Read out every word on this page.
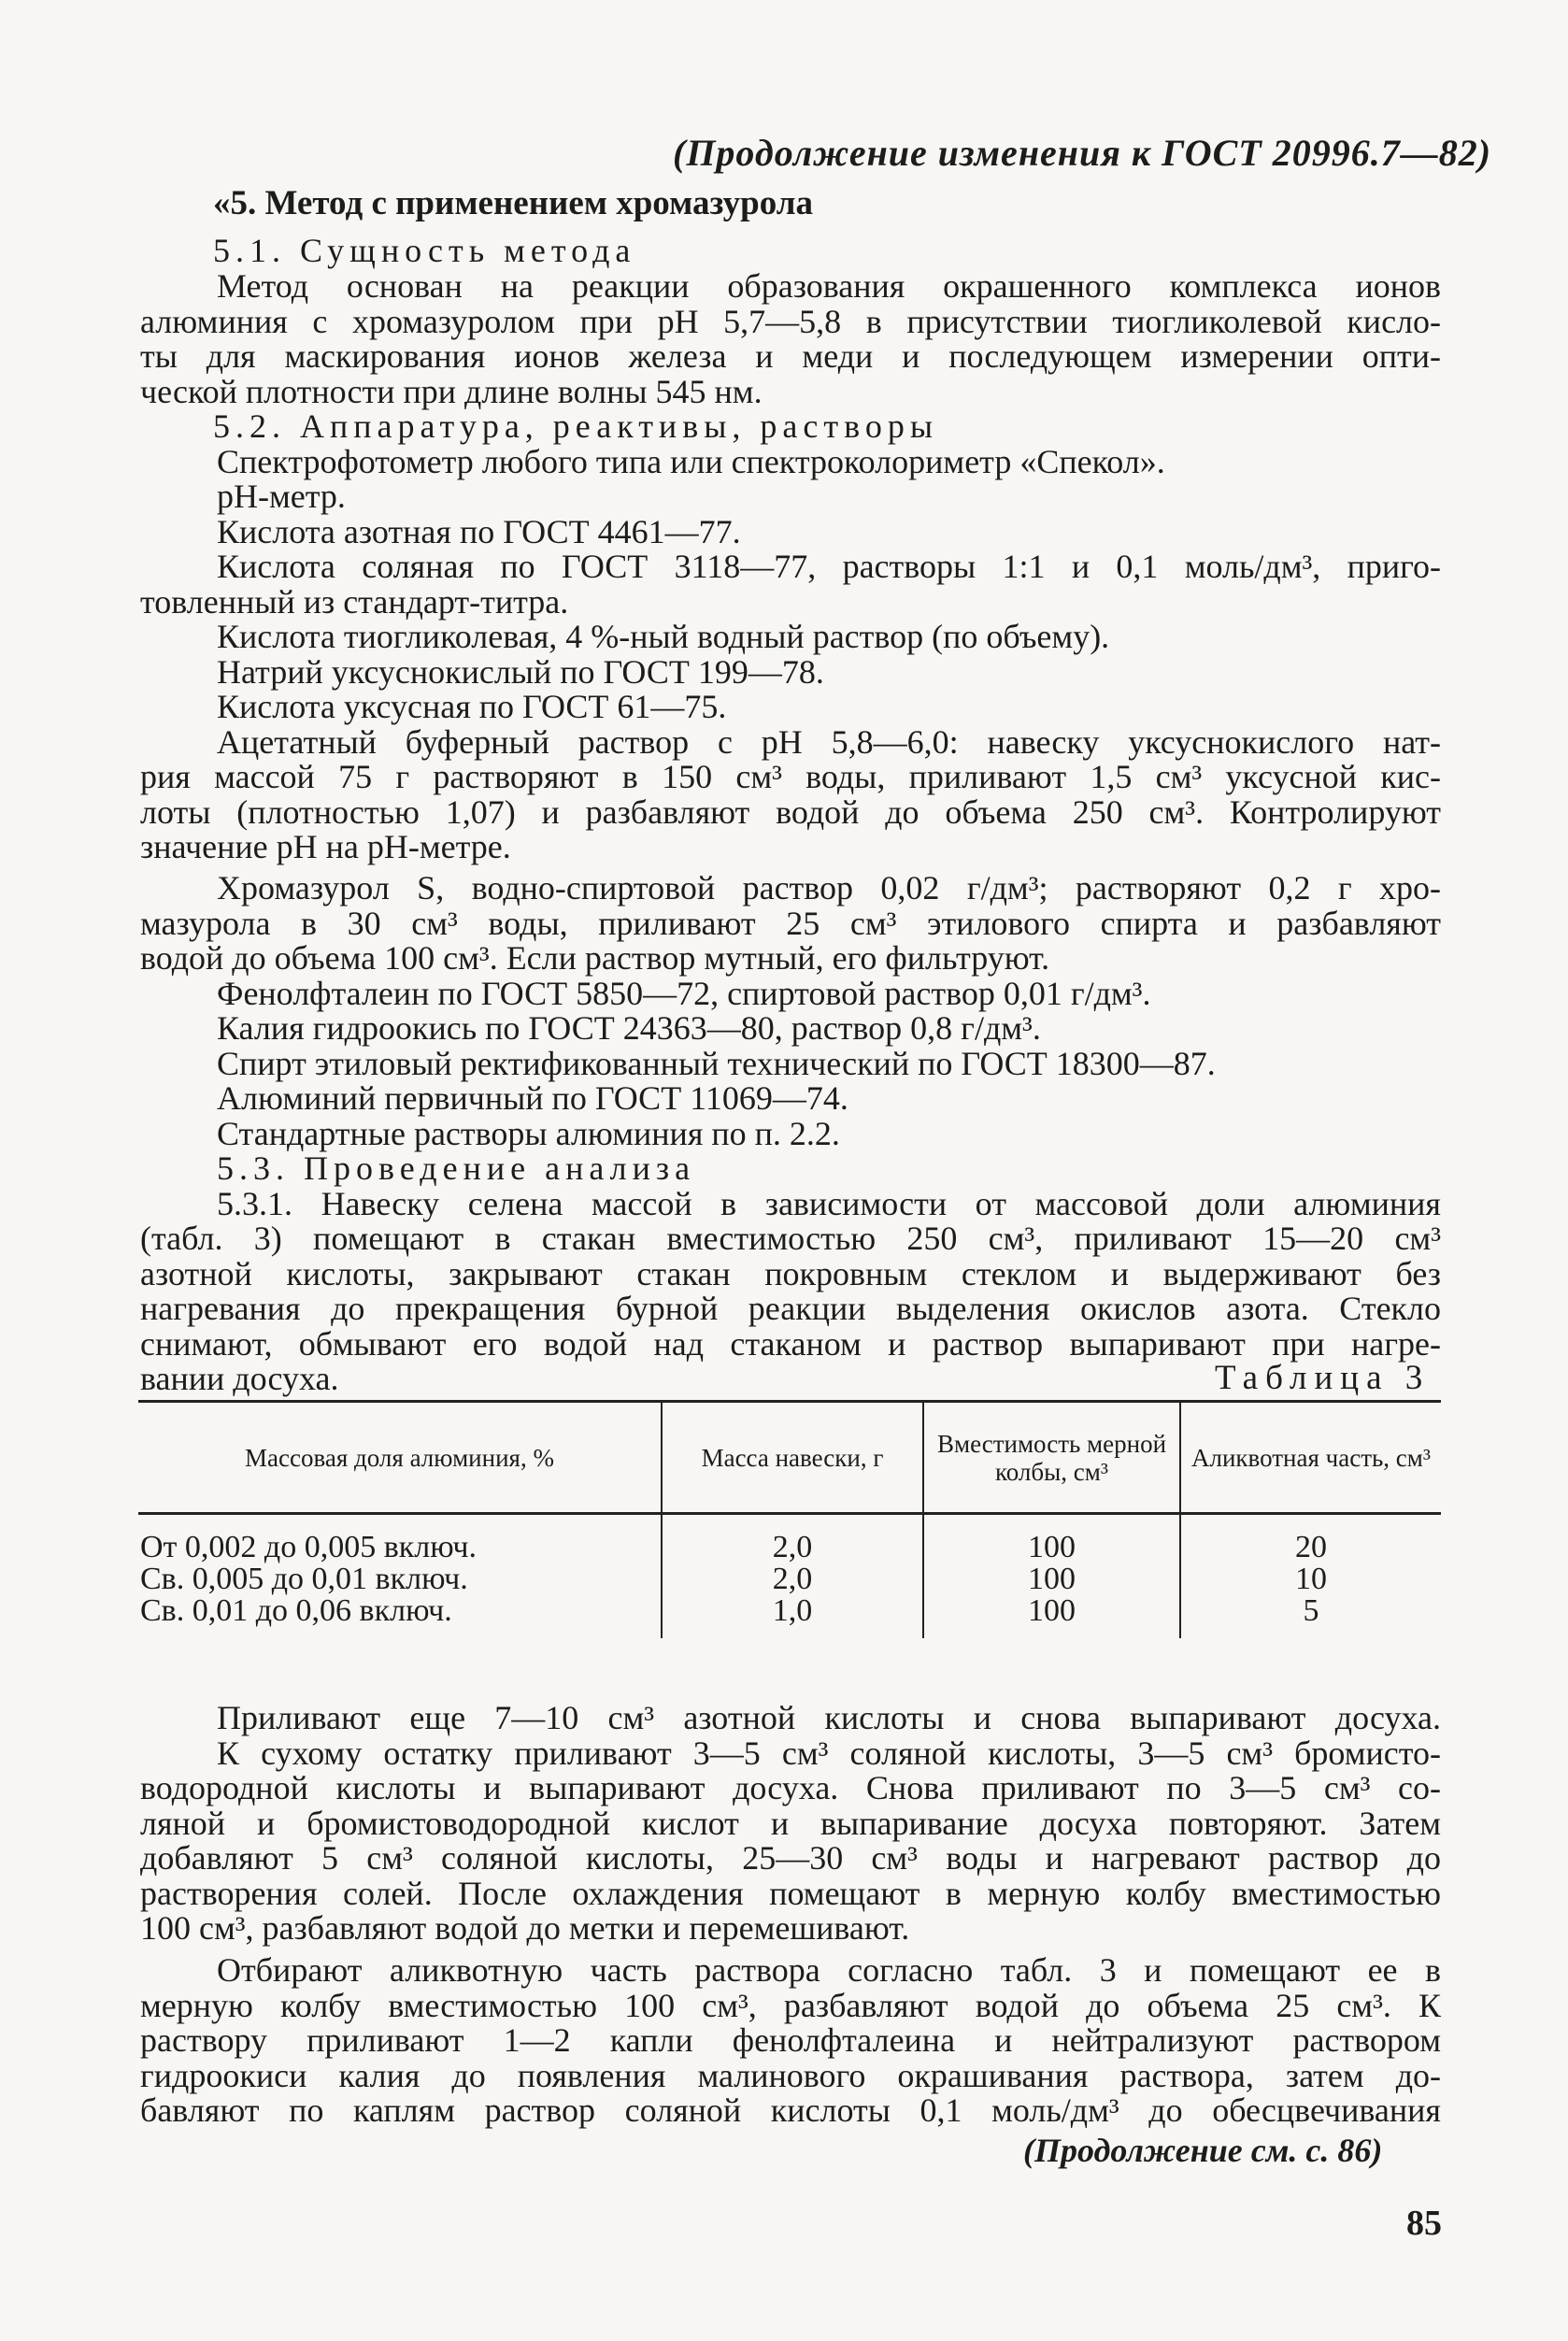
(Продолжение изменения к ГОСТ 20996.7—82)
«5. Метод с применением хромазурола

5.1. Сущность метода

Метод основан на реакции образования окрашенного комплекса ионов

алюминия с хромазуролом при pH 5,7—5,8 в присутствии тиогликолевой кисло-

ты для маскирования ионов железа и меди и последующем измерении опти-

ческой плотности при длине волны 545 нм.

5.2. Аппаратура, реактивы, растворы

Спектрофотометр любого типа или спектроколориметр «Спекол».

pH-метр.

Кислота азотная по ГОСТ 4461—77.

Кислота соляная по ГОСТ 3118—77, растворы 1:1 и 0,1 моль/дм³, приго-

товленный из стандарт-титра.

Кислота тиогликолевая, 4 %-ный водный раствор (по объему).

Натрий уксуснокислый по ГОСТ 199—78.

Кислота уксусная по ГОСТ 61—75.

Ацетатный буферный раствор с pH 5,8—6,0: навеску уксуснокислого нат-

рия массой 75 г растворяют в 150 см³ воды, приливают 1,5 см³ уксусной кис-

лоты (плотностью 1,07) и разбавляют водой до объема 250 см³. Контролируют

значение pH на pH-метре.

Хромазурол S, водно-спиртовой раствор 0,02 г/дм³; растворяют 0,2 г хро-

мазурола в 30 см³ воды, приливают 25 см³ этилового спирта и разбавляют

водой до объема 100 см³. Если раствор мутный, его фильтруют.

Фенолфталеин по ГОСТ 5850—72, спиртовой раствор 0,01 г/дм³.

Калия гидроокись по ГОСТ 24363—80, раствор 0,8 г/дм³.

Спирт этиловый ректификованный технический по ГОСТ 18300—87.

Алюминий первичный по ГОСТ 11069—74.

Стандартные растворы алюминия по п. 2.2.

5.3. Проведение анализа

5.3.1. Навеску селена массой в зависимости от массовой доли алюминия

(табл. 3) помещают в стакан вместимостью 250 см³, приливают 15—20 см³

азотной кислоты, закрывают стакан покровным стеклом и выдерживают без

нагревания до прекращения бурной реакции выделения окислов азота. Стекло

снимают, обмывают его водой над стаканом и раствор выпаривают при нагре-

вании досуха.	Таблица 3
Массовая доля алюминия, %	Масса навески, г	Вместимость мерной колбы, см³	Аликвотная часть, см³

От 0,002 до 0,005 включ.	2,0	100	20
Св. 0,005 до 0,01 включ.	2,0	100	10
Св. 0,01 до 0,06 включ.	1,0	100	5

Приливают еще 7—10 см³ азотной кислоты и снова выпаривают досуха.

К сухому остатку приливают 3—5 см³ соляной кислоты, 3—5 см³ бромисто-

водородной кислоты и выпаривают досуха. Снова приливают по 3—5 см³ со-

ляной и бромистоводородной кислот и выпаривание досуха повторяют. Затем

добавляют 5 см³ соляной кислоты, 25—30 см³ воды и нагревают раствор до

растворения солей. После охлаждения помещают в мерную колбу вместимостью

100 см³, разбавляют водой до метки и перемешивают.

Отбирают аликвотную часть раствора согласно табл. 3 и помещают ее в

мерную колбу вместимостью 100 см³, разбавляют водой до объема 25 см³. К

раствору приливают 1—2 капли фенолфталеина и нейтрализуют раствором

гидроокиси калия до появления малинового окрашивания раствора, затем до-

бавляют по каплям раствор соляной кислоты 0,1 моль/дм³ до обесцвечивания

(Продолжение см. с. 86)
85
